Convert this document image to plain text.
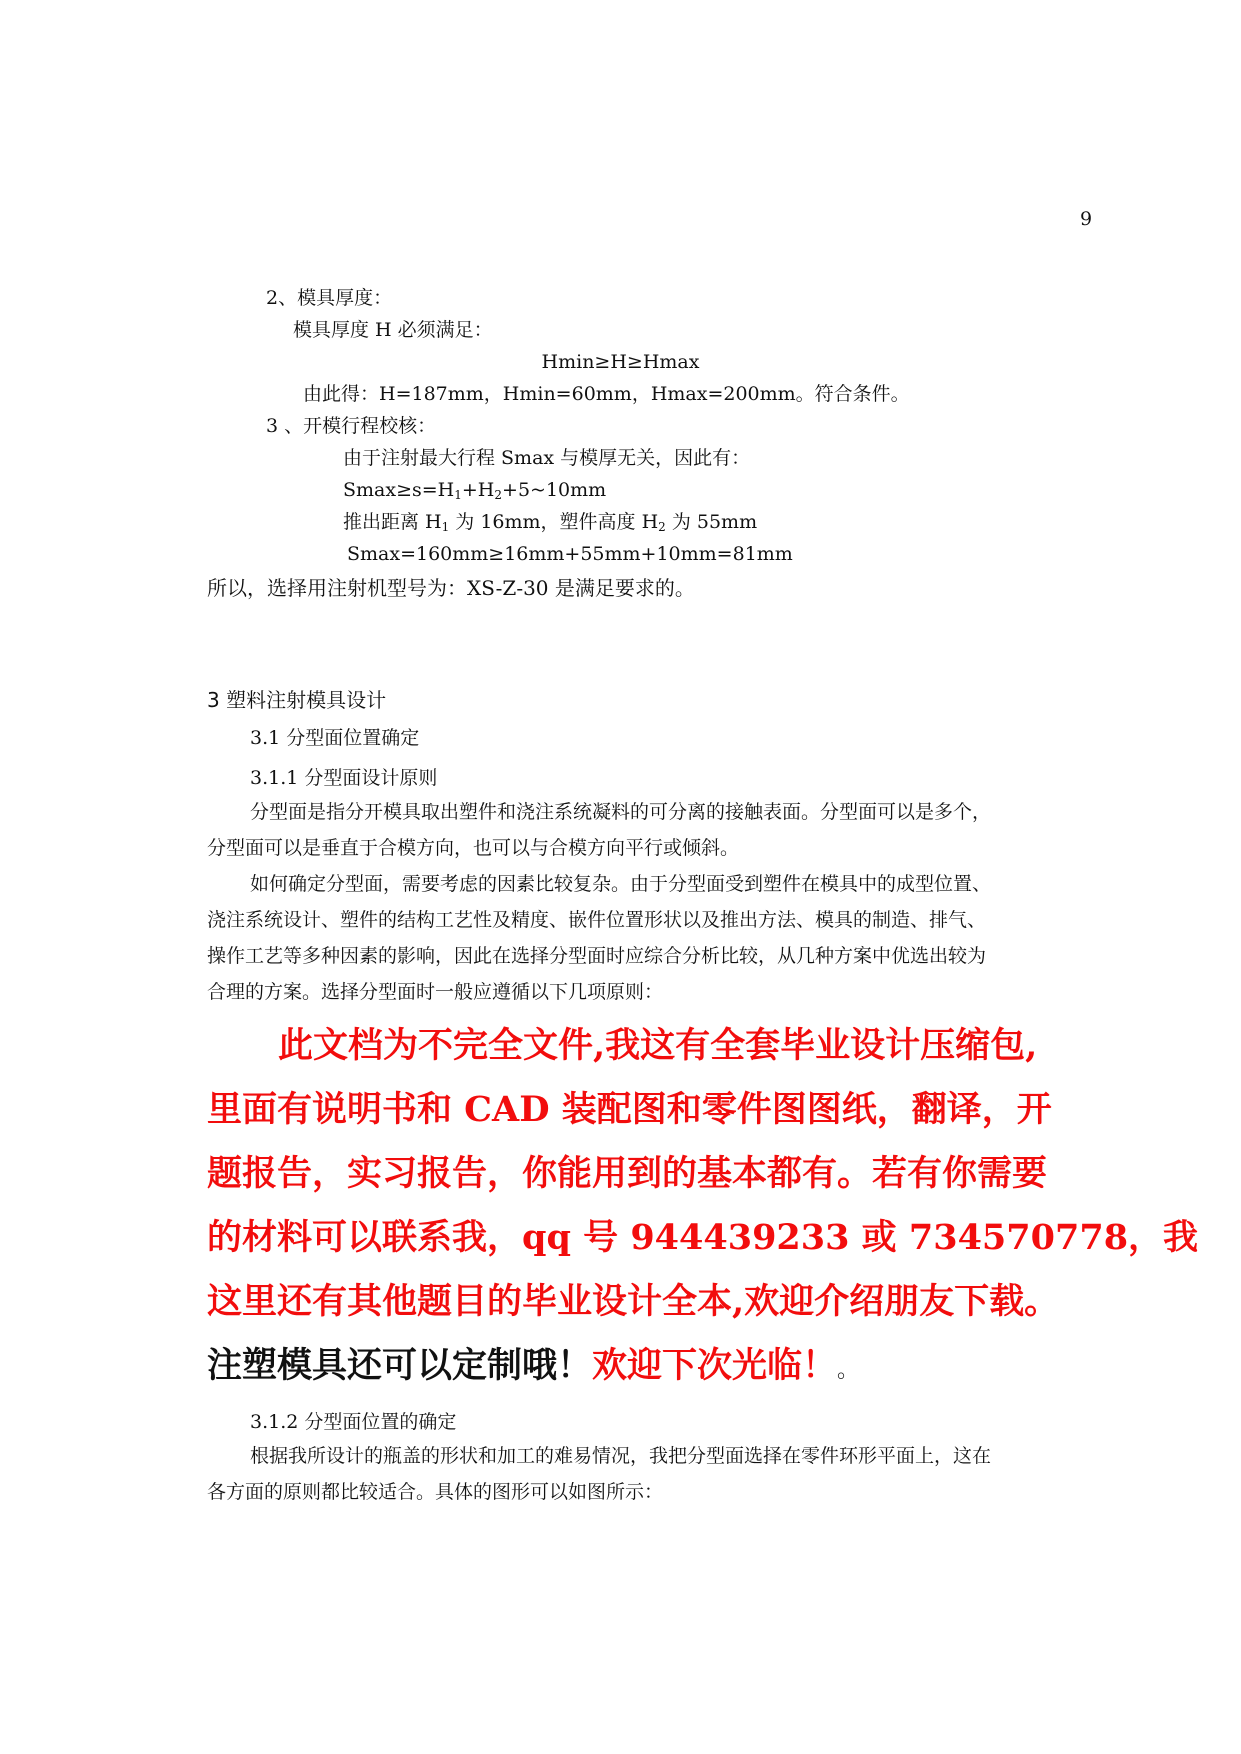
9
2、模具厚度：
模具厚度 H 必须满足：
Hmin≥H≥Hmax
由此得：H=187mm，Hmin=60mm，Hmax=200mm。符合条件。
3 、开模行程校核：
由于注射最大行程 Smax 与模厚无关，因此有：
$Smax\ge s=H_1+H_2+5\sim 10mm$
推出距离 $H_1$ 为 16mm，塑件高度 $H_2$ 为 55mm
Smax=160mm≥16mm+55mm+10mm=81mm
所以，选择用注射机型号为：XS-Z-30 是满足要求的。
3 塑料注射模具设计
3.1 分型面位置确定
3.1.1 分型面设计原则
分型面是指分开模具取出塑件和浇注系统凝料的可分离的接触表面。分型面可以是多个，
分型面可以是垂直于合模方向，也可以与合模方向平行或倾斜。
如何确定分型面，需要考虑的因素比较复杂。由于分型面受到塑件在模具中的成型位置、
浇注系统设计、塑件的结构工艺性及精度、嵌件位置形状以及推出方法、模具的制造、排气、
操作工艺等多种因素的影响，因此在选择分型面时应综合分析比较，从几种方案中优选出较为
合理的方案。选择分型面时一般应遵循以下几项原则：
此文档为不完全文件,我这有全套毕业设计压缩包,
里面有说明书和 CAD 装配图和零件图图纸，翻译，开
题报告，实习报告，你能用到的基本都有。若有你需要
的材料可以联系我，qq 号 944439233 或 734570778，我
这里还有其他题目的毕业设计全本,欢迎介绍朋友下载。
注塑模具还可以定制哦！欢迎下次光临！。
3.1.2 分型面位置的确定
根据我所设计的瓶盖的形状和加工的难易情况，我把分型面选择在零件环形平面上，这在
各方面的原则都比较适合。具体的图形可以如图所示：
